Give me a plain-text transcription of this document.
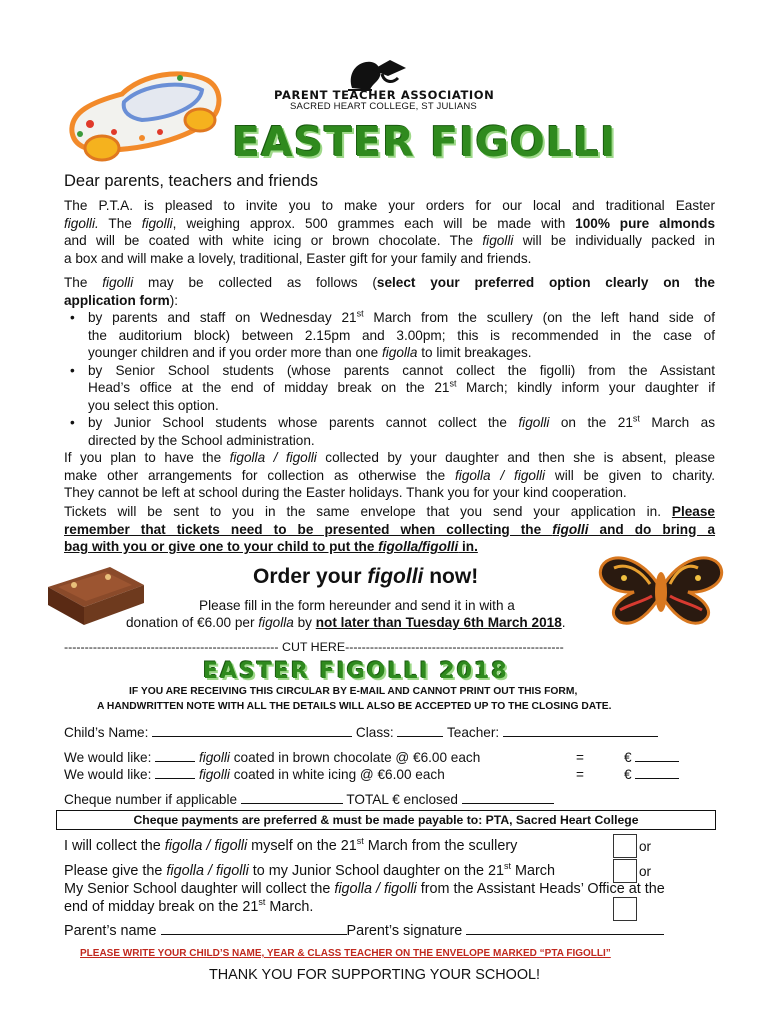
PARENT TEACHER ASSOCIATION
SACRED HEART COLLEGE, ST JULIANS
EASTER FIGOLLI
Dear parents, teachers and friends
The P.T.A. is pleased to invite you to make your orders for our local and traditional Easter
figolli. The figolli, weighing approx. 500 grammes each will be made with 100% pure almonds
and will be coated with white icing or brown chocolate. The figolli will be individually packed in
a box and will make a lovely, traditional, Easter gift for your family and friends.
The figolli may be collected as follows (select your preferred option clearly on the
application form):
• by parents and staff on Wednesday 21st March from the scullery (on the left hand side of
the auditorium block) between 2.15pm and 3.00pm; this is recommended in the case of
younger children and if you order more than one figolla to limit breakages.
• by Senior School students (whose parents cannot collect the figolli) from the Assistant
Head’s office at the end of midday break on the 21st March; kindly inform your daughter if
you select this option.
• by Junior School students whose parents cannot collect the figolli on the 21st March as
directed by the School administration.
If you plan to have the figolla / figolli collected by your daughter and then she is absent, please
make other arrangements for collection as otherwise the figolla / figolli will be given to charity.
They cannot be left at school during the Easter holidays. Thank you for your kind cooperation.
Tickets will be sent to you in the same envelope that you send your application in. Please
remember that tickets need to be presented when collecting the figolli and do bring a
bag with you or give one to your child to put the figolla/figolli in.
Order your figolli now!
Please fill in the form hereunder and send it in with a
donation of €6.00 per figolla by not later than Tuesday 6th March 2018.
---------------------------------------------------- CUT HERE-----------------------------------------------------
EASTER FIGOLLI 2018
IF YOU ARE RECEIVING THIS CIRCULAR BY E-MAIL AND CANNOT PRINT OUT THIS FORM,
A HANDWRITTEN NOTE WITH ALL THE DETAILS WILL ALSO BE ACCEPTED UP TO THE CLOSING DATE.
Child’s Name:	Class:	Teacher:
We would like:	figolli coated in brown chocolate @ €6.00 each	=	€
We would like:	figolli coated in white icing @ €6.00 each	=	€
Cheque number if applicable	TOTAL € enclosed
Cheque payments are preferred & must be made payable to: PTA, Sacred Heart College
I will collect the figolla / figolli myself on the 21st March from the scullery	or
Please give the figolla / figolli to my Junior School daughter on the 21st March	or
My Senior School daughter will collect the figolla / figolli from the Assistant Heads’ Office at the
end of midday break on the 21st March.
Parent’s name	Parent’s signature
PLEASE WRITE YOUR CHILD’S NAME, YEAR & CLASS TEACHER ON THE ENVELOPE MARKED “PTA FIGOLLI”
THANK YOU FOR SUPPORTING YOUR SCHOOL!
